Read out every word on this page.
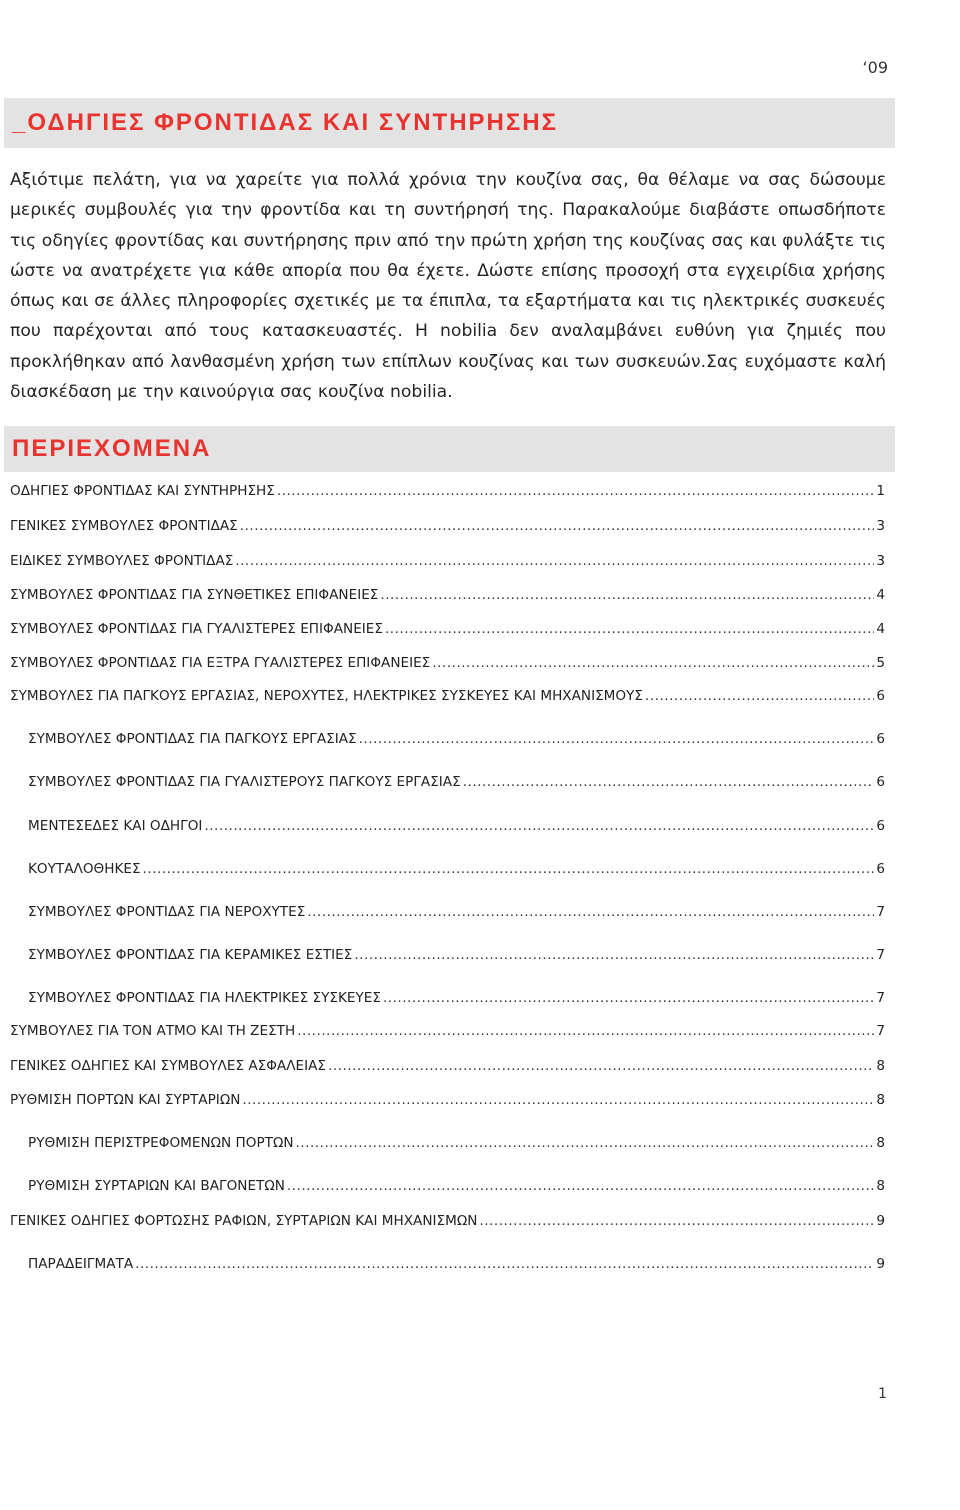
‘09
_ΟΔΗΓΙΕΣ ΦΡΟΝΤΙΔΑΣ ΚΑΙ ΣΥΝΤΗΡΗΣΗΣ

Αξιότιμε πελάτη, για να χαρείτε για πολλά χρόνια την κουζίνα σας, θα θέλαμε να σας δώσουμε μερικές συμβουλές για την φροντίδα και τη συντήρησή της. Παρακαλούμε διαβάστε οπωσδήποτε τις οδηγίες φροντίδας και συντήρησης πριν από την πρώτη χρήση της κουζίνας σας και φυλάξτε τις ώστε να ανατρέχετε για κάθε απορία που θα έχετε. Δώστε επίσης προσοχή στα εγχειρίδια χρήσης όπως και σε άλλες πληροφορίες σχετικές με τα έπιπλα, τα εξαρτήματα και τις ηλεκτρικές συσκευές που παρέχονται από τους κατασκευαστές. Η nobilia δεν αναλαμβάνει ευθύνη για ζημιές που προκλήθηκαν από λανθασμένη χρήση των επίπλων κουζίνας και των συσκευών.Σας ευχόμαστε καλή διασκέδαση με την καινούργια σας κουζίνα nobilia.

ΠΕΡΙΕΧΟΜΕΝΑ
ΟΔΗΓΙΕΣ ΦΡΟΝΤΙΔΑΣ ΚΑΙ ΣΥΝΤΗΡΗΣΗΣ .....	1
ΓΕΝΙΚΕΣ ΣΥΜΒΟΥΛΕΣ ΦΡΟΝΤΙΔΑΣ .....	3
ΕΙΔΙΚΕΣ ΣΥΜΒΟΥΛΕΣ ΦΡΟΝΤΙΔΑΣ .....	3
ΣΥΜΒΟΥΛΕΣ ΦΡΟΝΤΙΔΑΣ ΓΙΑ ΣΥΝΘΕΤΙΚΕΣ ΕΠΙΦΑΝΕΙΕΣ .....	4
ΣΥΜΒΟΥΛΕΣ ΦΡΟΝΤΙΔΑΣ ΓΙΑ ΓΥΑΛΙΣΤΕΡΕΣ ΕΠΙΦΑΝΕΙΕΣ .....	4
ΣΥΜΒΟΥΛΕΣ ΦΡΟΝΤΙΔΑΣ ΓΙΑ ΕΞΤΡΑ ΓΥΑΛΙΣΤΕΡΕΣ ΕΠΙΦΑΝΕΙΕΣ .....	5
ΣΥΜΒΟΥΛΕΣ ΓΙΑ ΠΑΓΚΟΥΣ ΕΡΓΑΣΙΑΣ, ΝΕΡΟΧΥΤΕΣ, ΗΛΕΚΤΡΙΚΕΣ ΣΥΣΚΕΥΕΣ ΚΑΙ ΜΗΧΑΝΙΣΜΟΥΣ .....	6
ΣΥΜΒΟΥΛΕΣ ΦΡΟΝΤΙΔΑΣ ΓΙΑ ΠΑΓΚΟΥΣ ΕΡΓΑΣΙΑΣ .....	6
ΣΥΜΒΟΥΛΕΣ ΦΡΟΝΤΙΔΑΣ ΓΙΑ ΓΥΑΛΙΣΤΕΡΟΥΣ ΠΑΓΚΟΥΣ ΕΡΓΑΣΙΑΣ .....	6
ΜΕΝΤΕΣΕΔΕΣ ΚΑΙ ΟΔΗΓΟΙ .....	6
ΚΟΥΤΑΛΟΘΗΚΕΣ .....	6
ΣΥΜΒΟΥΛΕΣ ΦΡΟΝΤΙΔΑΣ ΓΙΑ ΝΕΡΟΧΥΤΕΣ .....	7
ΣΥΜΒΟΥΛΕΣ ΦΡΟΝΤΙΔΑΣ ΓΙΑ ΚΕΡΑΜΙΚΕΣ ΕΣΤΙΕΣ .....	7
ΣΥΜΒΟΥΛΕΣ ΦΡΟΝΤΙΔΑΣ ΓΙΑ ΗΛΕΚΤΡΙΚΕΣ ΣΥΣΚΕΥΕΣ .....	7
ΣΥΜΒΟΥΛΕΣ ΓΙΑ ΤΟΝ ΑΤΜΟ ΚΑΙ ΤΗ ΖΕΣΤΗ .....	7
ΓΕΝΙΚΕΣ ΟΔΗΓΙΕΣ ΚΑΙ ΣΥΜΒΟΥΛΕΣ ΑΣΦΑΛΕΙΑΣ .....	8
ΡΥΘΜΙΣΗ ΠΟΡΤΩΝ ΚΑΙ ΣΥΡΤΑΡΙΩΝ .....	8
ΡΥΘΜΙΣΗ ΠΕΡΙΣΤΡΕΦΟΜΕΝΩΝ ΠΟΡΤΩΝ .....	8
ΡΥΘΜΙΣΗ ΣΥΡΤΑΡΙΩΝ ΚΑΙ ΒΑΓΟΝΕΤΩΝ .....	8
ΓΕΝΙΚΕΣ ΟΔΗΓΙΕΣ ΦΟΡΤΩΣΗΣ ΡΑΦΙΩΝ, ΣΥΡΤΑΡΙΩΝ ΚΑΙ ΜΗΧΑΝΙΣΜΩΝ .....	9
ΠΑΡΑΔΕΙΓΜΑΤΑ .....	9
1
